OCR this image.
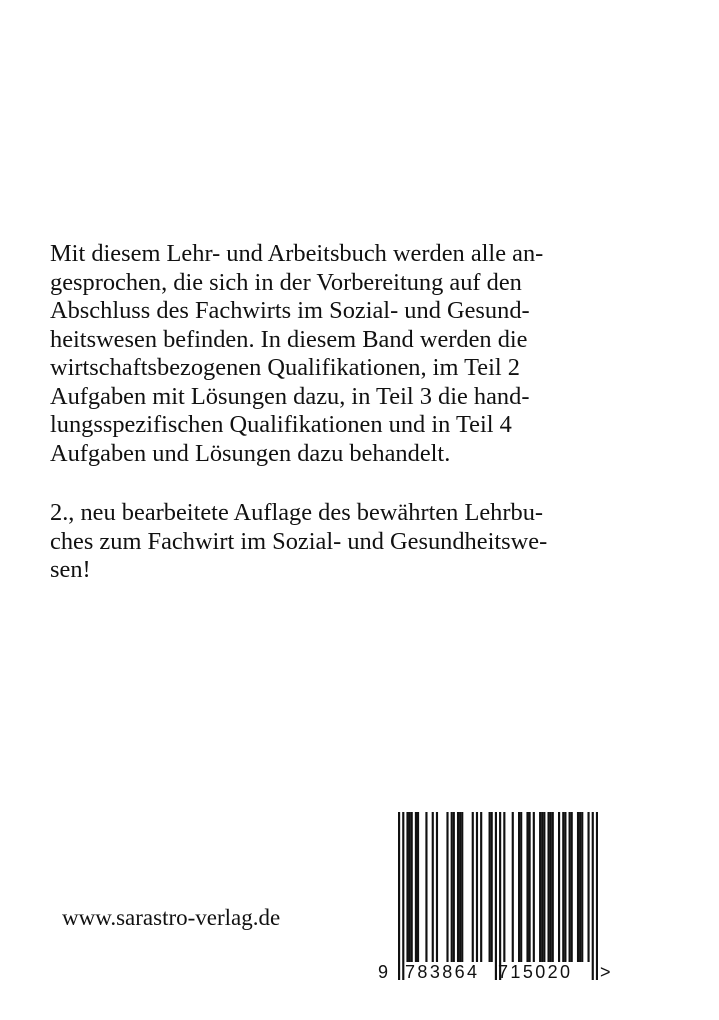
Mit diesem Lehr- und Arbeitsbuch werden alle an-
gesprochen, die sich in der Vorbereitung auf den
Abschluss des Fachwirts im Sozial- und Gesund-
heitswesen befinden. In diesem Band werden die
wirtschaftsbezogenen Qualifikationen, im Teil 2
Aufgaben mit Lösungen dazu, in Teil 3 die hand-
lungsspezifischen Qualifikationen und in Teil 4
Aufgaben und Lösungen dazu behandelt.
2., neu bearbeitete Auflage des bewährten Lehrbu-
ches zum Fachwirt im Sozial- und Gesundheitswe-
sen!
www.sarastro-verlag.de
9 783864 715020 >
